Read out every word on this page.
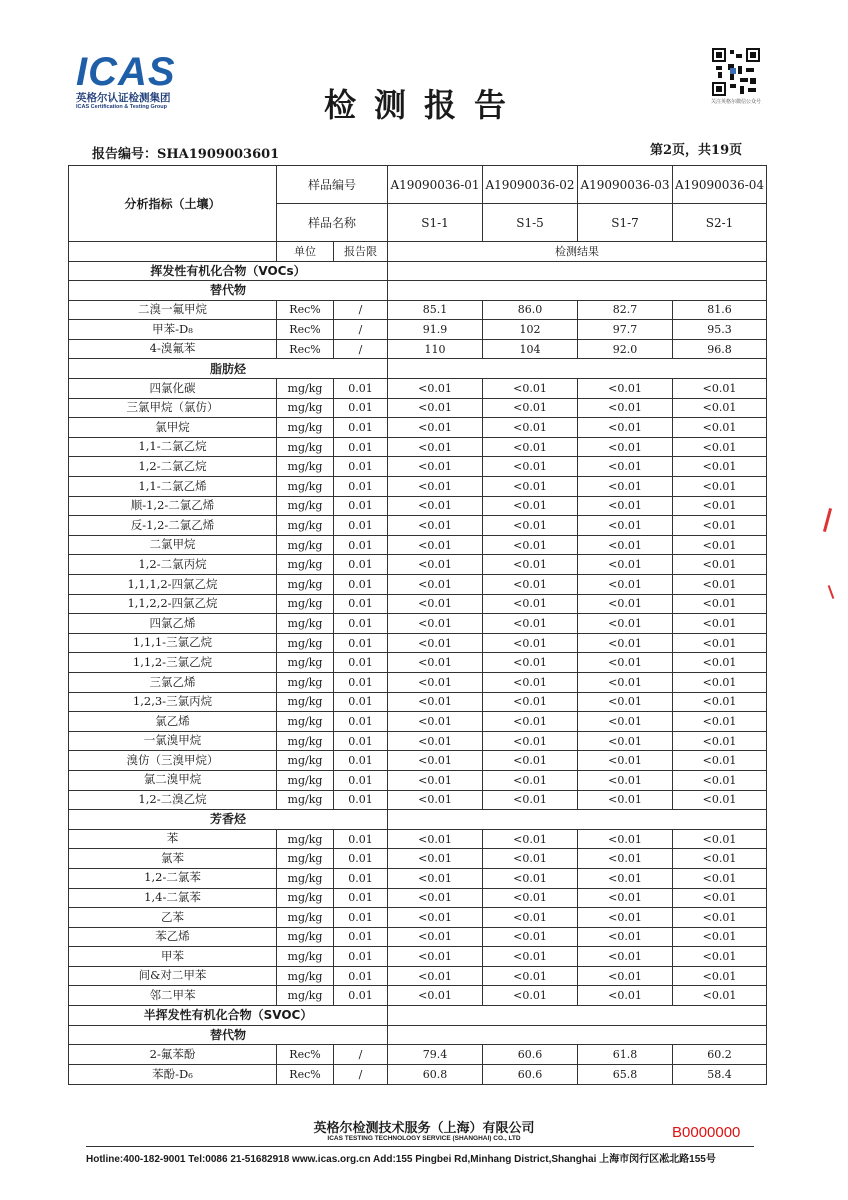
ICAS
英格尔认证检测集团
ICAS Certification & Testing Group	检测报告	关注英格尔微信公众号
报告编号：SHA1909003601	第2页，共19页
分析指标（土壤）	样品编号		A19090036-01	A19090036-02	A19090036-03	A19090036-04
	样品名称		S1-1	S1-5	S1-7	S2-1
	单位	报告限	检测结果			
挥发性有机化合物（VOCs）						
替代物						
二溴一氟甲烷	Rec%	/	85.1	86.0	82.7	81.6
甲苯-D₈	Rec%	/	91.9	102	97.7	95.3
4-溴氟苯	Rec%	/	110	104	92.0	96.8
脂肪烃						
四氯化碳	mg/kg	0.01	<0.01	<0.01	<0.01	<0.01
三氯甲烷（氯仿）	mg/kg	0.01	<0.01	<0.01	<0.01	<0.01
氯甲烷	mg/kg	0.01	<0.01	<0.01	<0.01	<0.01
1,1-二氯乙烷	mg/kg	0.01	<0.01	<0.01	<0.01	<0.01
1,2-二氯乙烷	mg/kg	0.01	<0.01	<0.01	<0.01	<0.01
1,1-二氯乙烯	mg/kg	0.01	<0.01	<0.01	<0.01	<0.01
顺-1,2-二氯乙烯	mg/kg	0.01	<0.01	<0.01	<0.01	<0.01
反-1,2-二氯乙烯	mg/kg	0.01	<0.01	<0.01	<0.01	<0.01
二氯甲烷	mg/kg	0.01	<0.01	<0.01	<0.01	<0.01
1,2-二氯丙烷	mg/kg	0.01	<0.01	<0.01	<0.01	<0.01
1,1,1,2-四氯乙烷	mg/kg	0.01	<0.01	<0.01	<0.01	<0.01
1,1,2,2-四氯乙烷	mg/kg	0.01	<0.01	<0.01	<0.01	<0.01
四氯乙烯	mg/kg	0.01	<0.01	<0.01	<0.01	<0.01
1,1,1-三氯乙烷	mg/kg	0.01	<0.01	<0.01	<0.01	<0.01
1,1,2-三氯乙烷	mg/kg	0.01	<0.01	<0.01	<0.01	<0.01
三氯乙烯	mg/kg	0.01	<0.01	<0.01	<0.01	<0.01
1,2,3-三氯丙烷	mg/kg	0.01	<0.01	<0.01	<0.01	<0.01
氯乙烯	mg/kg	0.01	<0.01	<0.01	<0.01	<0.01
一氯溴甲烷	mg/kg	0.01	<0.01	<0.01	<0.01	<0.01
溴仿（三溴甲烷）	mg/kg	0.01	<0.01	<0.01	<0.01	<0.01
氯二溴甲烷	mg/kg	0.01	<0.01	<0.01	<0.01	<0.01
1,2-二溴乙烷	mg/kg	0.01	<0.01	<0.01	<0.01	<0.01
芳香烃						
苯	mg/kg	0.01	<0.01	<0.01	<0.01	<0.01
氯苯	mg/kg	0.01	<0.01	<0.01	<0.01	<0.01
1,2-二氯苯	mg/kg	0.01	<0.01	<0.01	<0.01	<0.01
1,4-二氯苯	mg/kg	0.01	<0.01	<0.01	<0.01	<0.01
乙苯	mg/kg	0.01	<0.01	<0.01	<0.01	<0.01
苯乙烯	mg/kg	0.01	<0.01	<0.01	<0.01	<0.01
甲苯	mg/kg	0.01	<0.01	<0.01	<0.01	<0.01
间&对二甲苯	mg/kg	0.01	<0.01	<0.01	<0.01	<0.01
邻二甲苯	mg/kg	0.01	<0.01	<0.01	<0.01	<0.01
半挥发性有机化合物（SVOC）						
替代物						
2-氟苯酚	Rec%	/	79.4	60.6	61.8	60.2
苯酚-D₆	Rec%	/	60.8	60.6	65.8	58.4
英格尔检测技术服务（上海）有限公司
ICAS TESTING TECHNOLOGY SERVICE (SHANGHAI) CO., LTD	B0000000
Hotline:400-182-9001 Tel:0086 21-51682918 www.icas.org.cn Add:155 Pingbei Rd,Minhang District,Shanghai 上海市闵行区凇北路155号
